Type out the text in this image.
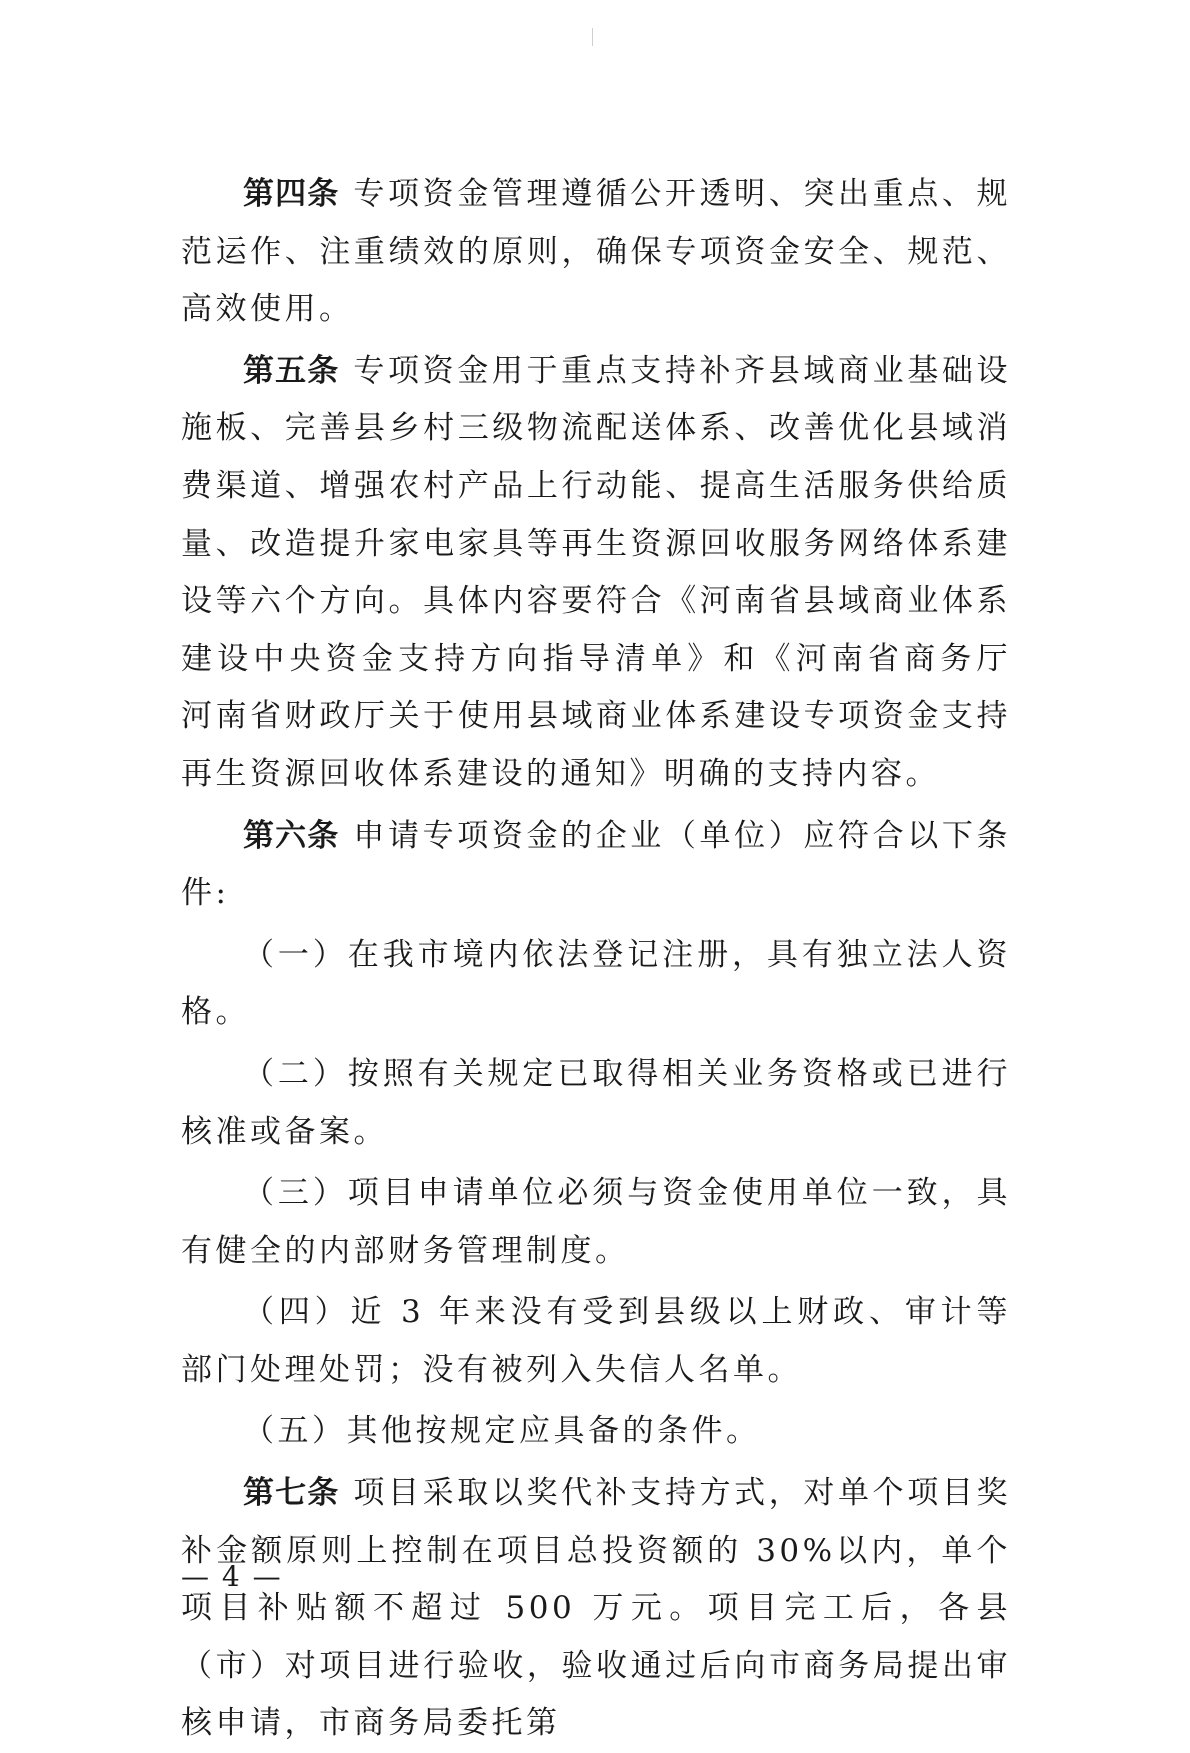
第四条 专项资金管理遵循公开透明、突出重点、规范运作、注重绩效的原则，确保专项资金安全、规范、高效使用。

第五条 专项资金用于重点支持补齐县域商业基础设施板、完善县乡村三级物流配送体系、改善优化县域消费渠道、增强农村产品上行动能、提高生活服务供给质量、改造提升家电家具等再生资源回收服务网络体系建设等六个方向。具体内容要符合《河南省县域商业体系建设中央资金支持方向指导清单》和《河南省商务厅 河南省财政厅关于使用县域商业体系建设专项资金支持再生资源回收体系建设的通知》明确的支持内容。

第六条 申请专项资金的企业（单位）应符合以下条件:

（一）在我市境内依法登记注册，具有独立法人资格。

（二）按照有关规定已取得相关业务资格或已进行核准或备案。

（三）项目申请单位必须与资金使用单位一致，具有健全的内部财务管理制度。

（四）近 3 年来没有受到县级以上财政、审计等部门处理处罚；没有被列入失信人名单。

（五）其他按规定应具备的条件。

第七条 项目采取以奖代补支持方式，对单个项目奖补金额原则上控制在项目总投资额的 30%以内，单个项目补贴额不超过 500 万元。项目完工后，各县（市）对项目进行验收，验收通过后向市商务局提出审核申请，市商务局委托第

— 4 —
